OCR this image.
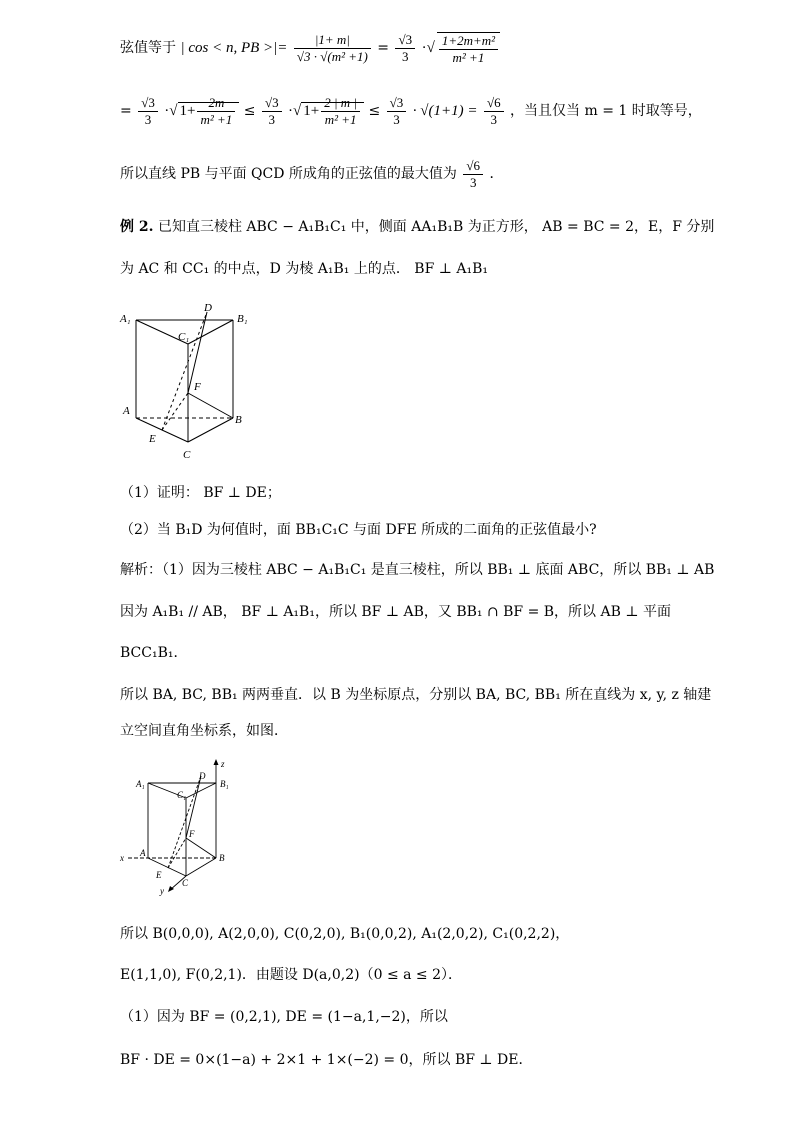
弦值等于 | cos < n, PB >|= $\frac{|1+ m|}{\text{√3 · √(m² +1)}} = \frac{√3}{3}$ ·√ $\frac{\text{1+2m+m²}}{\text{m² +1}}$
= $\frac{√3}{3}$ ·√ $1+ \frac{2m}{\text{m² +1}} \le \frac{√3}{3}$ ·√ $1+ \frac{2 | m |}{\text{m² +1}} \le \frac{√3}{3} \cdot √(1+1) = \frac{√6}{3}$ ，当且仅当 m = 1 时取等号，
所以直线 PB 与平面 QCD 所成角的正弦值的最大值为 $\frac{√6}{3}$ ．
例 2. 已知直三棱柱 ABC − A₁B₁C₁ 中，侧面 AA₁B₁B 为正方形， AB = BC = 2，E，F 分别
为 AC 和 CC₁ 的中点，D 为棱 A₁B₁ 上的点． BF ⊥ A₁B₁
A₁	B₁
C₁
D
F
A
B
E
C
（1）证明： BF ⊥ DE；
（2）当 B₁D 为何值时，面 BB₁C₁C 与面 DFE 所成的二面角的正弦值最小?
解析：（1）因为三棱柱 ABC − A₁B₁C₁ 是直三棱柱，所以 BB₁ ⊥ 底面 ABC，所以 BB₁ ⊥ AB
因为 A₁B₁ // AB， BF ⊥ A₁B₁，所以 BF ⊥ AB，又 BB₁ ∩ BF = B，所以 AB ⊥ 平面
BCC₁B₁．
所以 BA, BC, BB₁ 两两垂直．以 B 为坐标原点，分别以 BA, BC, BB₁ 所在直线为 x, y, z 轴建
立空间直角坐标系，如图．
A₁	B₁
C₁
D
F
A	B
E
C
x
y
z
所以 B(0,0,0), A(2,0,0), C(0,2,0), B₁(0,0,2), A₁(2,0,2), C₁(0,2,2)，
E(1,1,0), F(0,2,1)．由题设 D(a,0,2)（0 ≤ a ≤ 2）．
（1）因为 BF = (0,2,1), DE = (1−a,1,−2)，所以
BF · DE = 0×(1−a) + 2×1 + 1×(−2) = 0，所以 BF ⊥ DE．
